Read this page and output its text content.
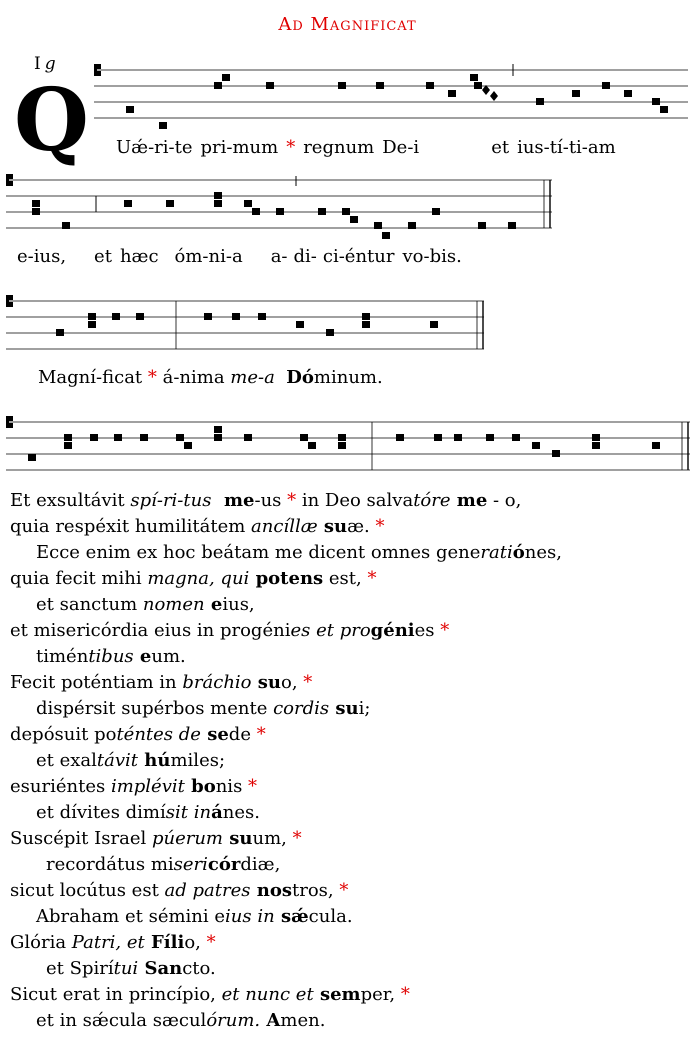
Ad Magnificat
I g
Q Uǽ-ri-te pri-mum * regnum De-i	et ius-tí-ti-am
e-ius, et hæc óm-ni-a a- di- ci-éntur vo-bis.
Magní-ficat * á-nima me-a Dóminum.
Et exsultávit spí-ri-tus  me-us * in Deo salvatóre me - o,
quia respéxit humilitátem ancíllæ suæ. *
Ecce enim ex hoc beátam me dicent omnes generatiónes,
quia fecit mihi magna, qui potens est, *
et sanctum nomen eius,
et misericórdia eius in progénies et progénies *
timéntibus eum.
Fecit poténtiam in bráchio suo, *
dispérsit supérbos mente cordis sui;
depósuit poténtes de sede *
et exaltávit húmiles;
esuriéntes implévit bonis *
et dívites dimísit inánes.
Suscépit Israel púerum suum, *
recordátus misericórdiæ,
sicut locútus est ad patres nostros, *
Abraham et sémini eius in sǽcula.
Glória Patri, et Fílio, *
et Spirítui Sancto.
Sicut erat in princípio, et nunc et semper, *
et in sǽcula sæculórum. Amen.
